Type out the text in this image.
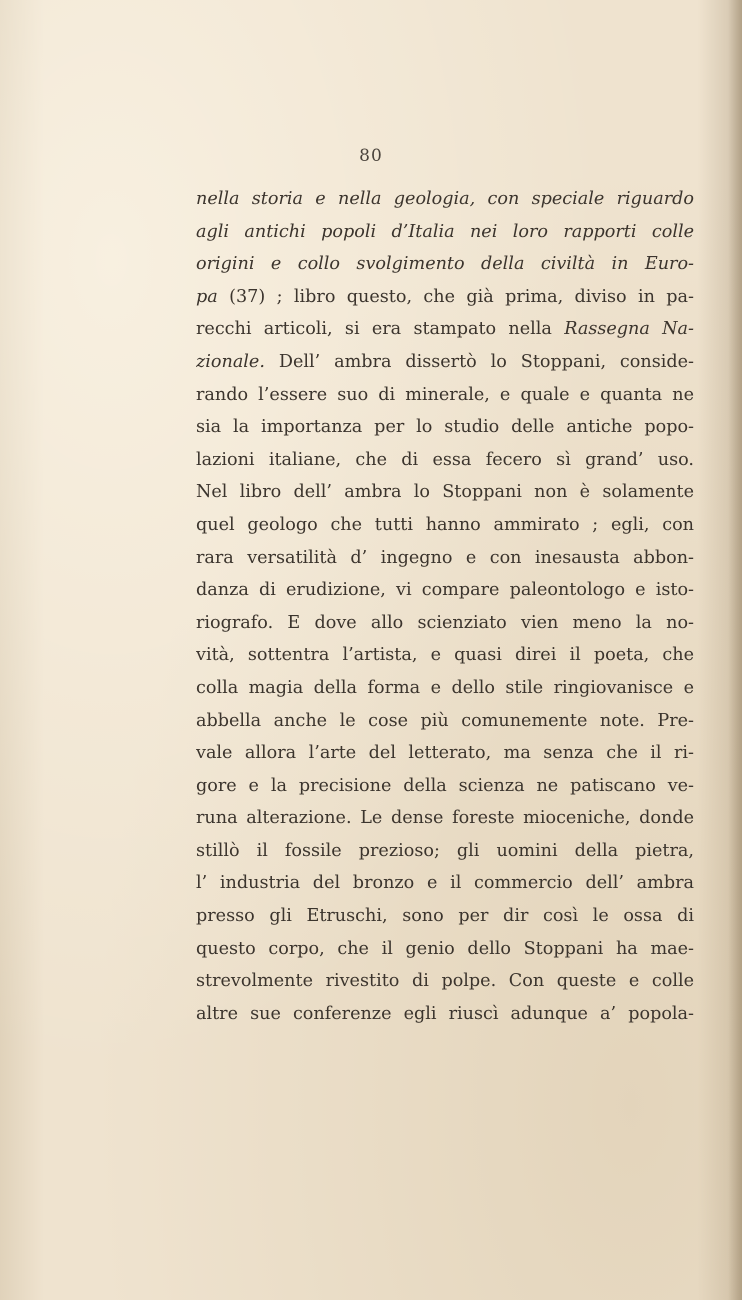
80
nella storia e nella geologia, con speciale riguardo
agli antichi popoli d’Italia nei loro rapporti colle
origini e collo svolgimento della civiltà in Euro-
pa (37) ; libro questo, che già prima, diviso in pa-
recchi articoli, si era stampato nella Rassegna Na-
zionale. Dell’ ambra dissertò lo Stoppani, conside-
rando l’essere suo di minerale, e quale e quanta ne
sia la importanza per lo studio delle antiche popo-
lazioni italiane, che di essa fecero sì grand’ uso.
Nel libro dell’ ambra lo Stoppani non è solamente
quel geologo che tutti hanno ammirato ; egli, con
rara versatilità d’ ingegno e con inesausta abbon-
danza di erudizione, vi compare paleontologo e isto-
riografo. E dove allo scienziato vien meno la no-
vità, sottentra l’artista, e quasi direi il poeta, che
colla magia della forma e dello stile ringiovanisce e
abbella anche le cose più comunemente note. Pre-
vale allora l’arte del letterato, ma senza che il ri-
gore e la precisione della scienza ne patiscano ve-
runa alterazione. Le dense foreste mioceniche, donde
stillò il fossile prezioso; gli uomini della pietra,
l’ industria del bronzo e il commercio dell’ ambra
presso gli Etruschi, sono per dir così le ossa di
questo corpo, che il genio dello Stoppani ha mae-
strevolmente rivestito di polpe. Con queste e colle
altre sue conferenze egli riuscì adunque a’ popola-
